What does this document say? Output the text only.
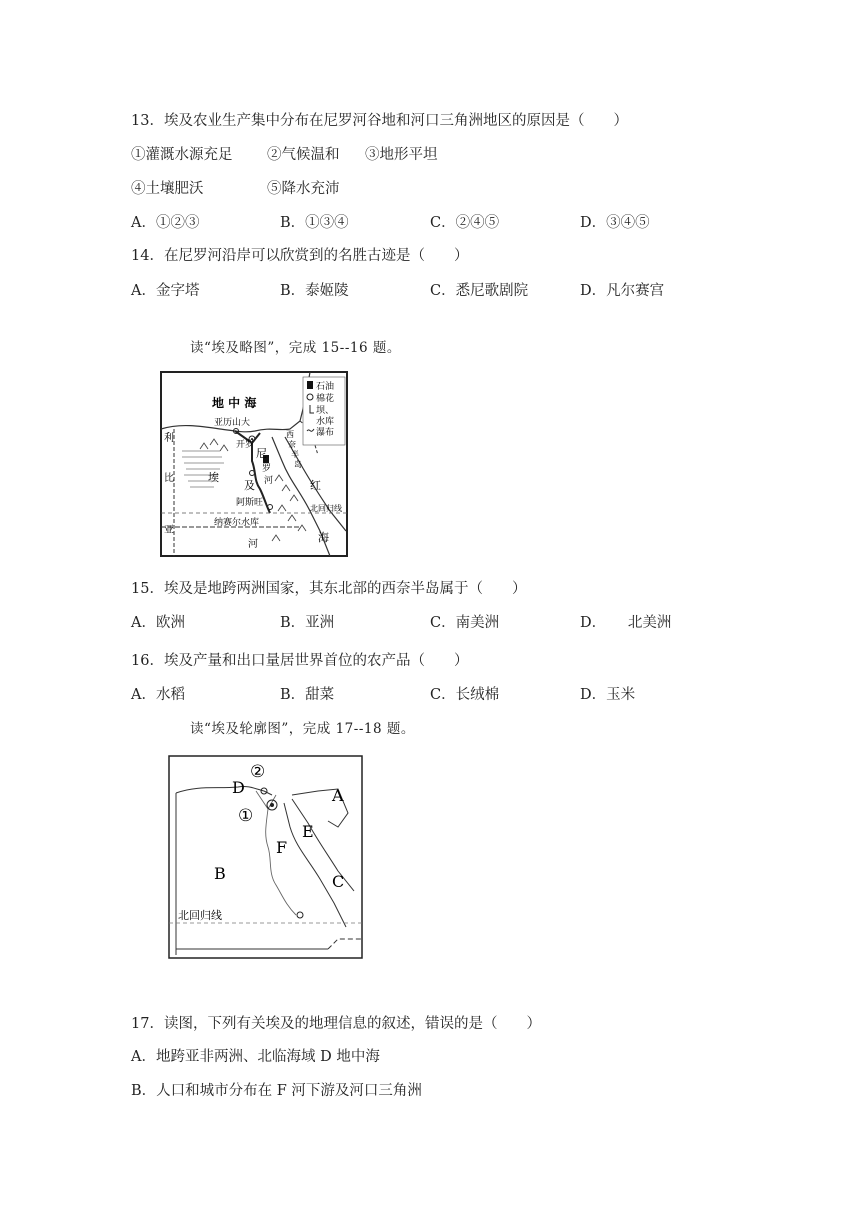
13．埃及农业生产集中分布在尼罗河谷地和河口三角洲地区的原因是（　　）
①灌溉水源充足 ②气候温和 ③地形平坦
④土壤肥沃	⑤降水充沛
A．①②③	B．①③④	C．②④⑤	D．③④⑤
14．在尼罗河沿岸可以欣赏到的名胜古迹是（　　）
A．金字塔	B．泰姬陵	C．悉尼歌剧院	D．凡尔赛宫
读“埃及略图”，完成 15--16 题。
石油
棉花
坝、
水库
瀑布
地 中 海
亚历山大
开罗
西
奈
半
岛
尼
罗
河
埃
及
阿斯旺
纳赛尔水库
北回归线
红
海
利
比
亚
河
15．埃及是地跨两洲国家，其东北部的西奈半岛属于（　　）
A．欧洲	B．亚洲	C．南美洲	D．　　北美洲
16．埃及产量和出口量居世界首位的农产品（　　）
A．水稻	B．甜菜	C．长绒棉	D．玉米
读“埃及轮廓图”，完成 17--18 题。
D
②
①
E
A
F
B	C
北回归线
17．读图，下列有关埃及的地理信息的叙述，错误的是（　　）
A．地跨亚非两洲、北临海域 D 地中海
B．人口和城市分布在 F 河下游及河口三角洲
